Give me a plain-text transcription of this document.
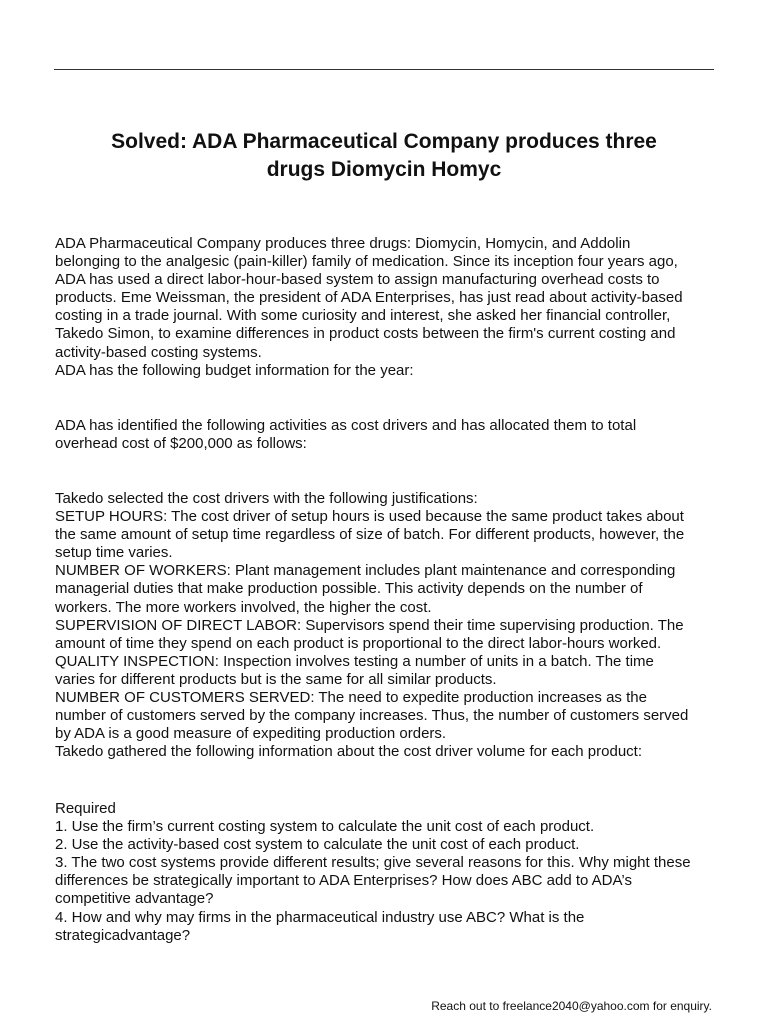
Solved: ADA Pharmaceutical Company produces three
drugs Diomycin Homyc
ADA Pharmaceutical Company produces three drugs: Diomycin, Homycin, and Addolin
belonging to the analgesic (pain-killer) family of medication. Since its inception four years ago,
ADA has used a direct labor-hour-based system to assign manufacturing overhead costs to
products. Eme Weissman, the president of ADA Enterprises, has just read about activity-based
costing in a trade journal. With some curiosity and interest, she asked her financial controller,
Takedo Simon, to examine differences in product costs between the firm's current costing and
activity-based costing systems.
ADA has the following budget information for the year:
ADA has identified the following activities as cost drivers and has allocated them to total
overhead cost of $200,000 as follows:
Takedo selected the cost drivers with the following justifications:
SETUP HOURS: The cost driver of setup hours is used because the same product takes about
the same amount of setup time regardless of size of batch. For different products, however, the
setup time varies.
NUMBER OF WORKERS: Plant management includes plant maintenance and corresponding
managerial duties that make production possible. This activity depends on the number of
workers. The more workers involved, the higher the cost.
SUPERVISION OF DIRECT LABOR: Supervisors spend their time supervising production. The
amount of time they spend on each product is proportional to the direct labor-hours worked.
QUALITY INSPECTION: Inspection involves testing a number of units in a batch. The time
varies for different products but is the same for all similar products.
NUMBER OF CUSTOMERS SERVED: The need to expedite production increases as the
number of customers served by the company increases. Thus, the number of customers served
by ADA is a good measure of expediting production orders.
Takedo gathered the following information about the cost driver volume for each product:
Required
1. Use the firm’s current costing system to calculate the unit cost of each product.
2. Use the activity-based cost system to calculate the unit cost of each product.
3. The two cost systems provide different results; give several reasons for this. Why might these
differences be strategically important to ADA Enterprises? How does ABC add to ADA’s
competitive advantage?
4. How and why may firms in the pharmaceutical industry use ABC? What is the
strategicadvantage?
Reach out to freelance2040@yahoo.com for enquiry.
